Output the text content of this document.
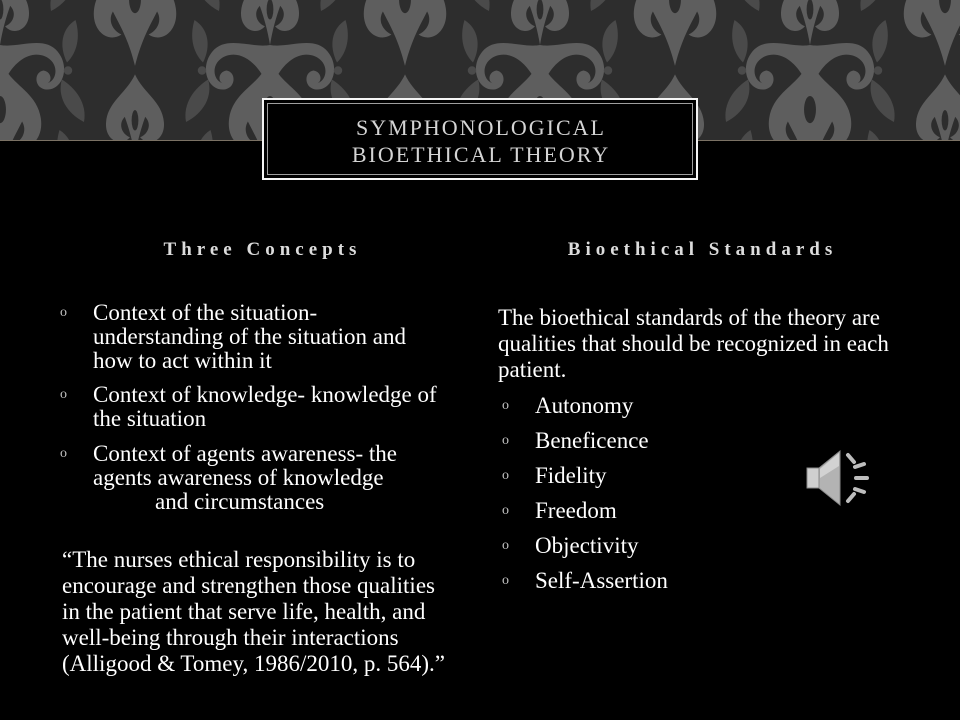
SYMPHONOLOGICAL
BIOETHICAL THEORY
Three Concepts
o Context of the situation-
understanding of the situation and
how to act within it
o Context of knowledge- knowledge of
the situation
o Context of agents awareness- the
agents awareness of knowledge
and circumstances
“The nurses ethical responsibility is to
encourage and strengthen those qualities
in the patient that serve life, health, and
well-being through their interactions
(Alligood & Tomey, 1986/2010, p. 564).”
Bioethical Standards
The bioethical standards of the theory are
qualities that should be recognized in each
patient.
o Autonomy
o Beneficence
o Fidelity
o Freedom
o Objectivity
o Self-Assertion
